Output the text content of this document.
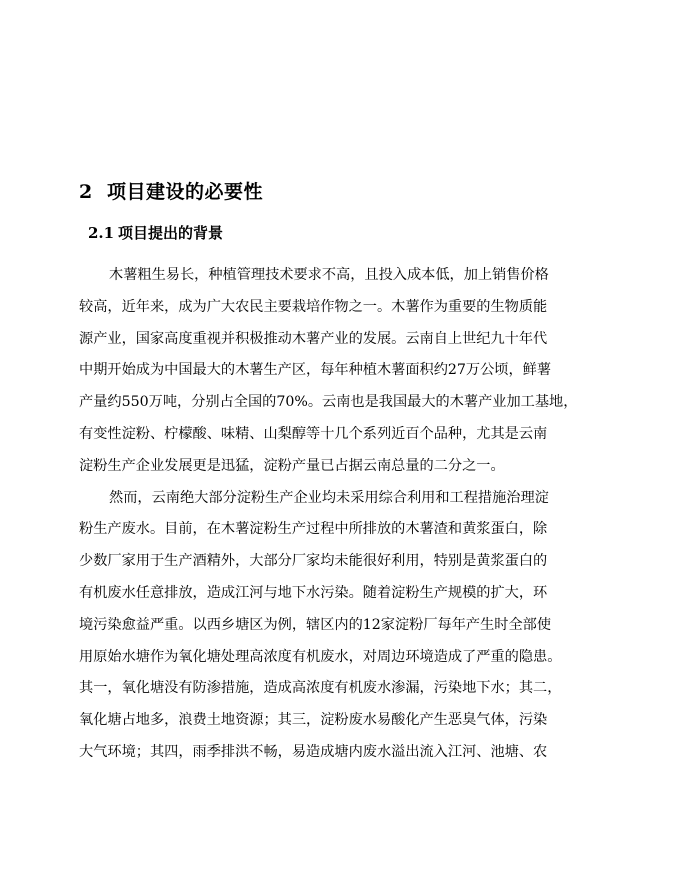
2 项目建设的必要性
2.1 项目提出的背景
木薯粗生易长，种植管理技术要求不高，且投入成本低，加上销售价格
较高，近年来，成为广大农民主要栽培作物之一。木薯作为重要的生物质能
源产业，国家高度重视并积极推动木薯产业的发展。云南自上世纪九十年代
中期开始成为中国最大的木薯生产区，每年种植木薯面积约27万公顷，鲜薯
产量约550万吨，分别占全国的70%。云南也是我国最大的木薯产业加工基地，
有变性淀粉、柠檬酸、味精、山梨醇等十几个系列近百个品种，尤其是云南
淀粉生产企业发展更是迅猛，淀粉产量已占据云南总量的二分之一。
然而，云南绝大部分淀粉生产企业均未采用综合利用和工程措施治理淀
粉生产废水。目前，在木薯淀粉生产过程中所排放的木薯渣和黄浆蛋白，除
少数厂家用于生产酒精外，大部分厂家均未能很好利用，特别是黄浆蛋白的
有机废水任意排放，造成江河与地下水污染。随着淀粉生产规模的扩大，环
境污染愈益严重。以西乡塘区为例，辖区内的12家淀粉厂每年产生时全部使
用原始水塘作为氧化塘处理高浓度有机废水，对周边环境造成了严重的隐患。
其一，氧化塘没有防渗措施，造成高浓度有机废水渗漏，污染地下水；其二，
氧化塘占地多，浪费土地资源；其三，淀粉废水易酸化产生恶臭气体，污染
大气环境；其四，雨季排洪不畅，易造成塘内废水溢出流入江河、池塘、农
